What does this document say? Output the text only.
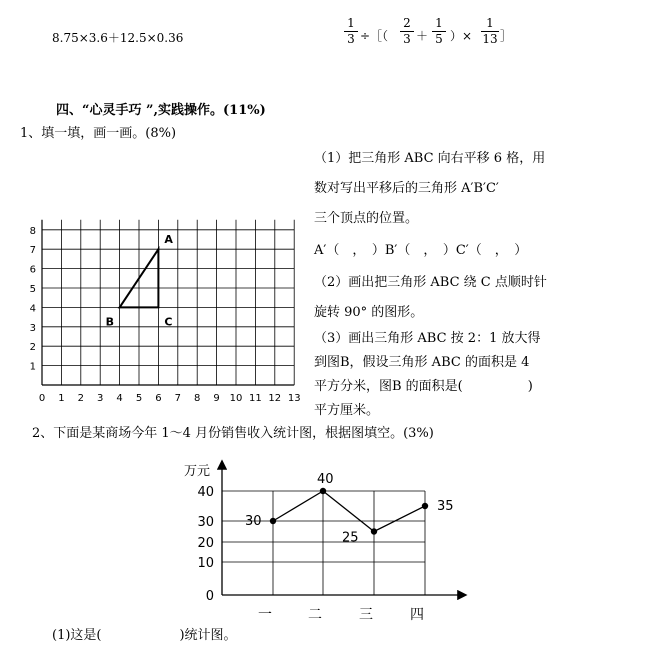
8.75×3.6＋12.5×0.36
1
3 ÷［（
2
3 ＋
1
5 ）×
1
13 ］
四、“心灵手巧 ”,实践操作。(11%)
1、填一填，画一画。(8%)
0 1 2 3 4 5 6 7 8 9 10 11 12 13
1
2
3
4
5
6
7
8
A
B	C
（1）把三角形 ABC 向右平移 6 格，用
数对写出平移后的三角形 A′B′C′
三个顶点的位置。
A′（　，　）B′（　，　）C′（　，　）
（2）画出把三角形 ABC 绕 C 点顺时针
旋转 90° 的图形。
（3）画出三角形 ABC 按 2：1 放大得
到图B，假设三角形 ABC 的面积是 4
平方分米，图B 的面积是(　　　　　)
平方厘米。
2、下面是某商场今年 1～4 月份销售收入统计图，根据图填空。(3%)
万元
0
10
20
30
40
一	二	三	四
30
40
25
35
(1)这是(　　　　　　)统计图。
